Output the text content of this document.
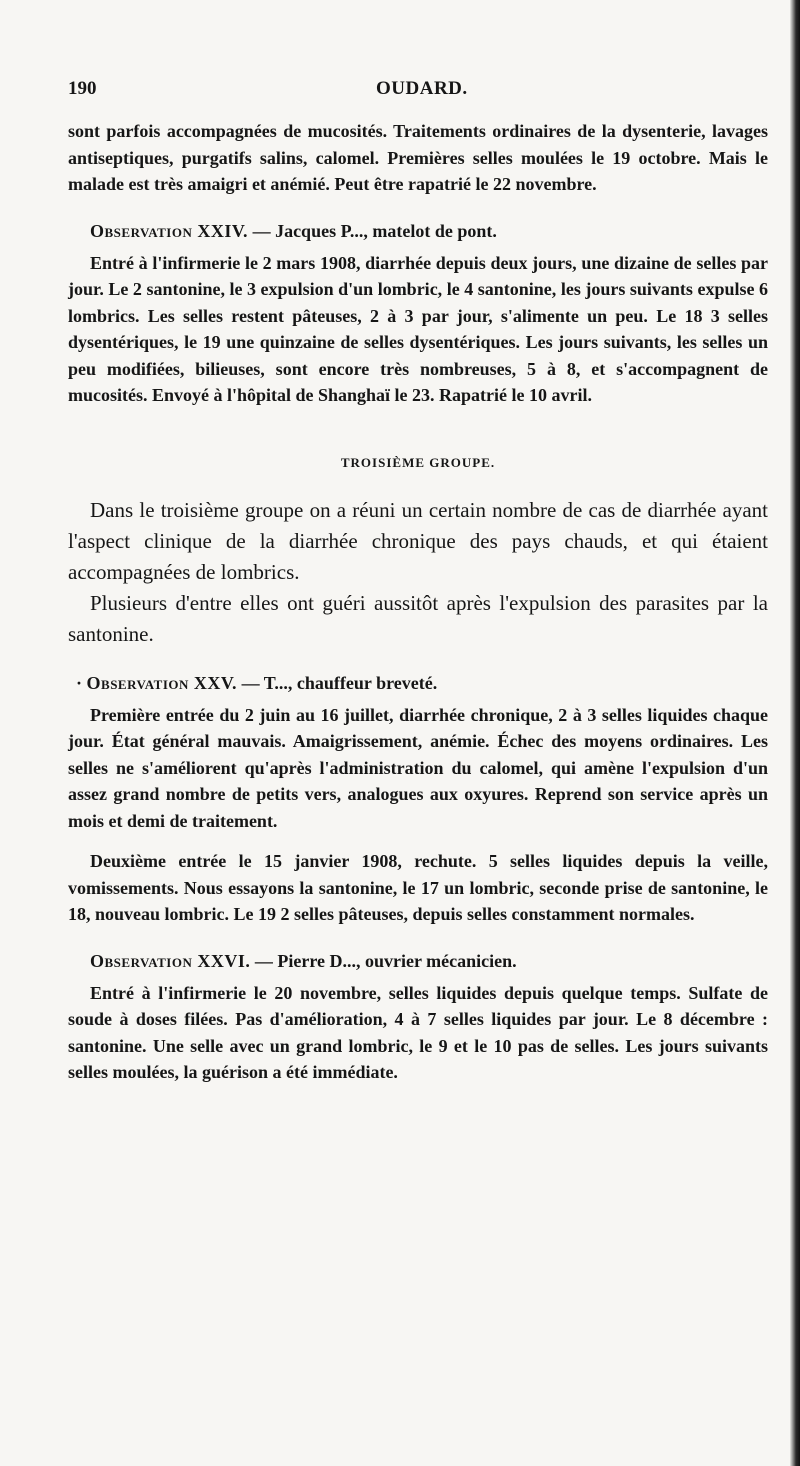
190	OUDARD.

sont parfois accompagnées de mucosités. Traitements ordinaires de la dysenterie, lavages antiseptiques, purgatifs salins, calomel. Premières selles moulées le 19 octobre. Mais le malade est très amaigri et anémié. Peut être rapatrié le 22 novembre.

Observation XXIV. — Jacques P..., matelot de pont.

Entré à l'infirmerie le 2 mars 1908, diarrhée depuis deux jours, une dizaine de selles par jour. Le 2 santonine, le 3 expulsion d'un lombric, le 4 santonine, les jours suivants expulse 6 lombrics. Les selles restent pâteuses, 2 à 3 par jour, s'alimente un peu. Le 18 3 selles dysentériques, le 19 une quinzaine de selles dysentériques. Les jours suivants, les selles un peu modifiées, bilieuses, sont encore très nombreuses, 5 à 8, et s'accompagnent de mucosités. Envoyé à l'hôpital de Shanghaï le 23. Rapatrié le 10 avril.

TROISIÈME GROUPE.

Dans le troisième groupe on a réuni un certain nombre de cas de diarrhée ayant l'aspect clinique de la diarrhée chronique des pays chauds, et qui étaient accompagnées de lombrics.

Plusieurs d'entre elles ont guéri aussitôt après l'expulsion des parasites par la santonine.

· Observation XXV. — T..., chauffeur breveté.

Première entrée du 2 juin au 16 juillet, diarrhée chronique, 2 à 3 selles liquides chaque jour. État général mauvais. Amaigrissement, anémie. Échec des moyens ordinaires. Les selles ne s'améliorent qu'après l'administration du calomel, qui amène l'expulsion d'un assez grand nombre de petits vers, analogues aux oxyures. Reprend son service après un mois et demi de traitement.

Deuxième entrée le 15 janvier 1908, rechute. 5 selles liquides depuis la veille, vomissements. Nous essayons la santonine, le 17 un lombric, seconde prise de santonine, le 18, nouveau lombric. Le 19 2 selles pâteuses, depuis selles constamment normales.

Observation XXVI. — Pierre D..., ouvrier mécanicien.

Entré à l'infirmerie le 20 novembre, selles liquides depuis quelque temps. Sulfate de soude à doses filées. Pas d'amélioration, 4 à 7 selles liquides par jour. Le 8 décembre : santonine. Une selle avec un grand lombric, le 9 et le 10 pas de selles. Les jours suivants selles moulées, la guérison a été immédiate.
